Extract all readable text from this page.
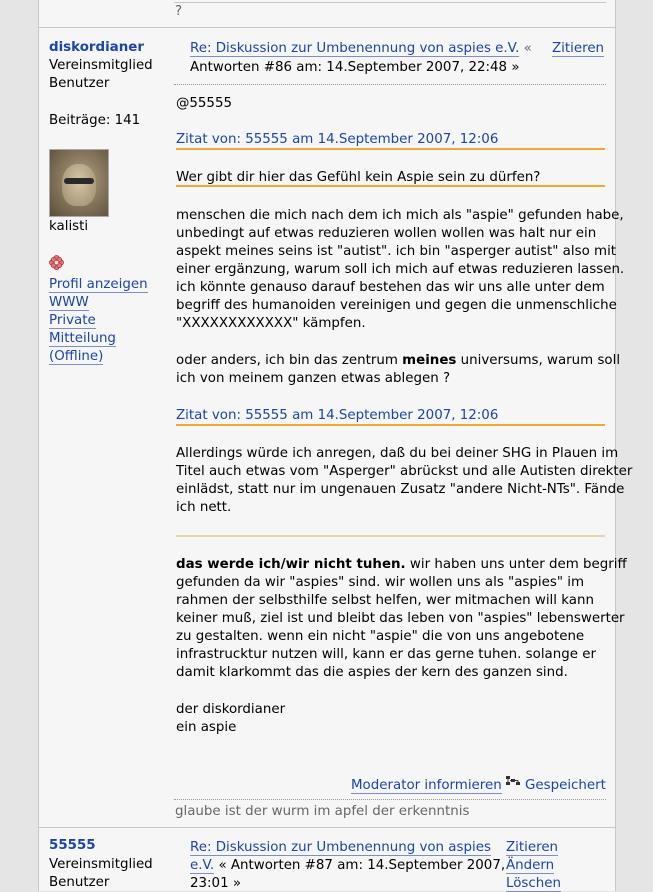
?
diskordianer
Vereinsmitglied
Benutzer
Beiträge: 141
kalisti
Profil anzeigen
WWW
Private
Mitteilung
(Offline)
Re: Diskussion zur Umbenennung von aspies e.V. «
Antworten #86 am: 14.September 2007, 22:48 »
Zitieren
@55555
Zitat von: 55555 am 14.September 2007, 12:06
Wer gibt dir hier das Gefühl kein Aspie sein zu dürfen?
menschen die mich nach dem ich mich als "aspie" gefunden habe,
unbedingt auf etwas reduzieren wollen wollen was halt nur ein
aspekt meines seins ist "autist". ich bin "asperger autist" also mit
einer ergänzung, warum soll ich mich auf etwas reduzieren lassen.
ich könnte genauso darauf bestehen das wir uns alle unter dem
begriff des humanoiden vereinigen und gegen die unmenschliche
"XXXXXXXXXXXX" kämpfen.
oder anders, ich bin das zentrum meines universums, warum soll
ich von meinem ganzen etwas ablegen ?
Zitat von: 55555 am 14.September 2007, 12:06
Allerdings würde ich anregen, daß du bei deiner SHG in Plauen im
Titel auch etwas vom "Asperger" abrückst und alle Autisten direkter
einlädst, statt nur im ungenauen Zusatz "andere Nicht-NTs". Fände
ich nett.
das werde ich/wir nicht tuhen. wir haben uns unter dem begriff
gefunden da wir "aspies" sind. wir wollen uns als "aspies" im
rahmen der selbsthilfe selbst helfen, wer mitmachen will kann
keiner muß, ziel ist und bleibt das leben von "aspies" lebenswerter
zu gestalten. wenn ein nicht "aspie" die von uns angebotene
infrastrucktur nutzen will, kann er das gerne tuhen. solange er
damit klarkommt das die aspies der kern des ganzen sind.
der diskordianer
ein aspie
Moderator informieren Gespeichert
glaube ist der wurm im apfel der erkenntnis
55555
Vereinsmitglied
Benutzer
Re: Diskussion zur Umbenennung von aspies
e.V. « Antworten #87 am: 14.September 2007,
23:01 »
Zitieren
Ändern
Löschen
